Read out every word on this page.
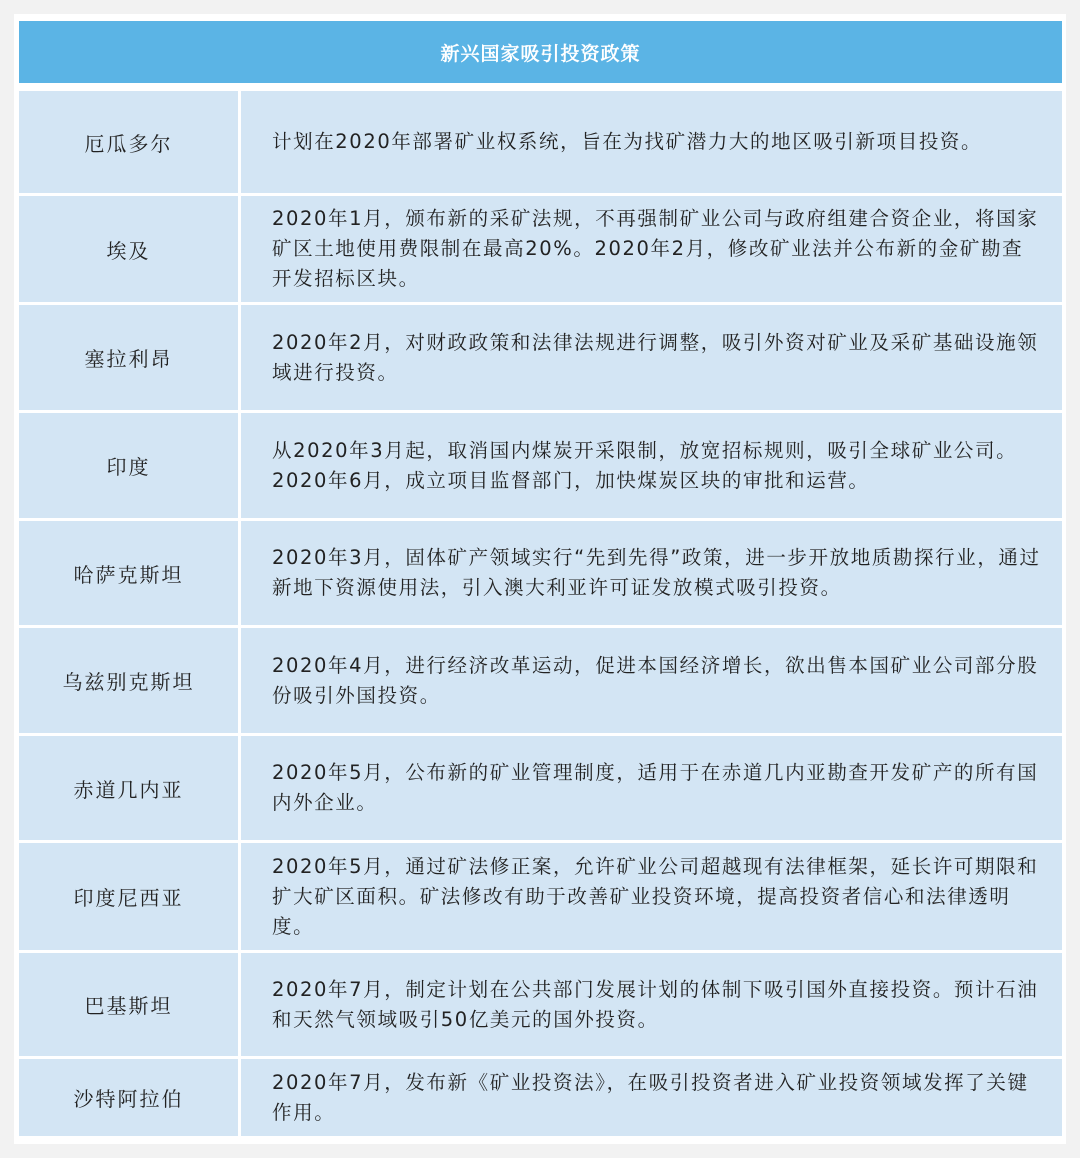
新兴国家吸引投资政策
厄瓜多尔	计划在2020年部署矿业权系统，旨在为找矿潜力大的地区吸引新项目投资。
埃及
2020年1月，颁布新的采矿法规，不再强制矿业公司与政府组建合资企业，将国家矿区土地使用费限制在最高20%。2020年2月，修改矿业法并公布新的金矿勘查开发招标区块。
塞拉利昂
2020年2月，对财政政策和法律法规进行调整，吸引外资对矿业及采矿基础设施领域进行投资。
印度
从2020年3月起，取消国内煤炭开采限制，放宽招标规则，吸引全球矿业公司。2020年6月，成立项目监督部门，加快煤炭区块的审批和运营。
哈萨克斯坦
2020年3月，固体矿产领域实行“先到先得”政策，进一步开放地质勘探行业，通过新地下资源使用法，引入澳大利亚许可证发放模式吸引投资。
乌兹别克斯坦
2020年4月，进行经济改革运动，促进本国经济增长，欲出售本国矿业公司部分股份吸引外国投资。
赤道几内亚
2020年5月，公布新的矿业管理制度，适用于在赤道几内亚勘查开发矿产的所有国内外企业。
印度尼西亚
2020年5月，通过矿法修正案，允许矿业公司超越现有法律框架，延长许可期限和扩大矿区面积。矿法修改有助于改善矿业投资环境，提高投资者信心和法律透明度。
巴基斯坦
2020年7月，制定计划在公共部门发展计划的体制下吸引国外直接投资。预计石油和天然气领域吸引50亿美元的国外投资。
沙特阿拉伯
2020年7月，发布新《矿业投资法》，在吸引投资者进入矿业投资领域发挥了关键作用。
